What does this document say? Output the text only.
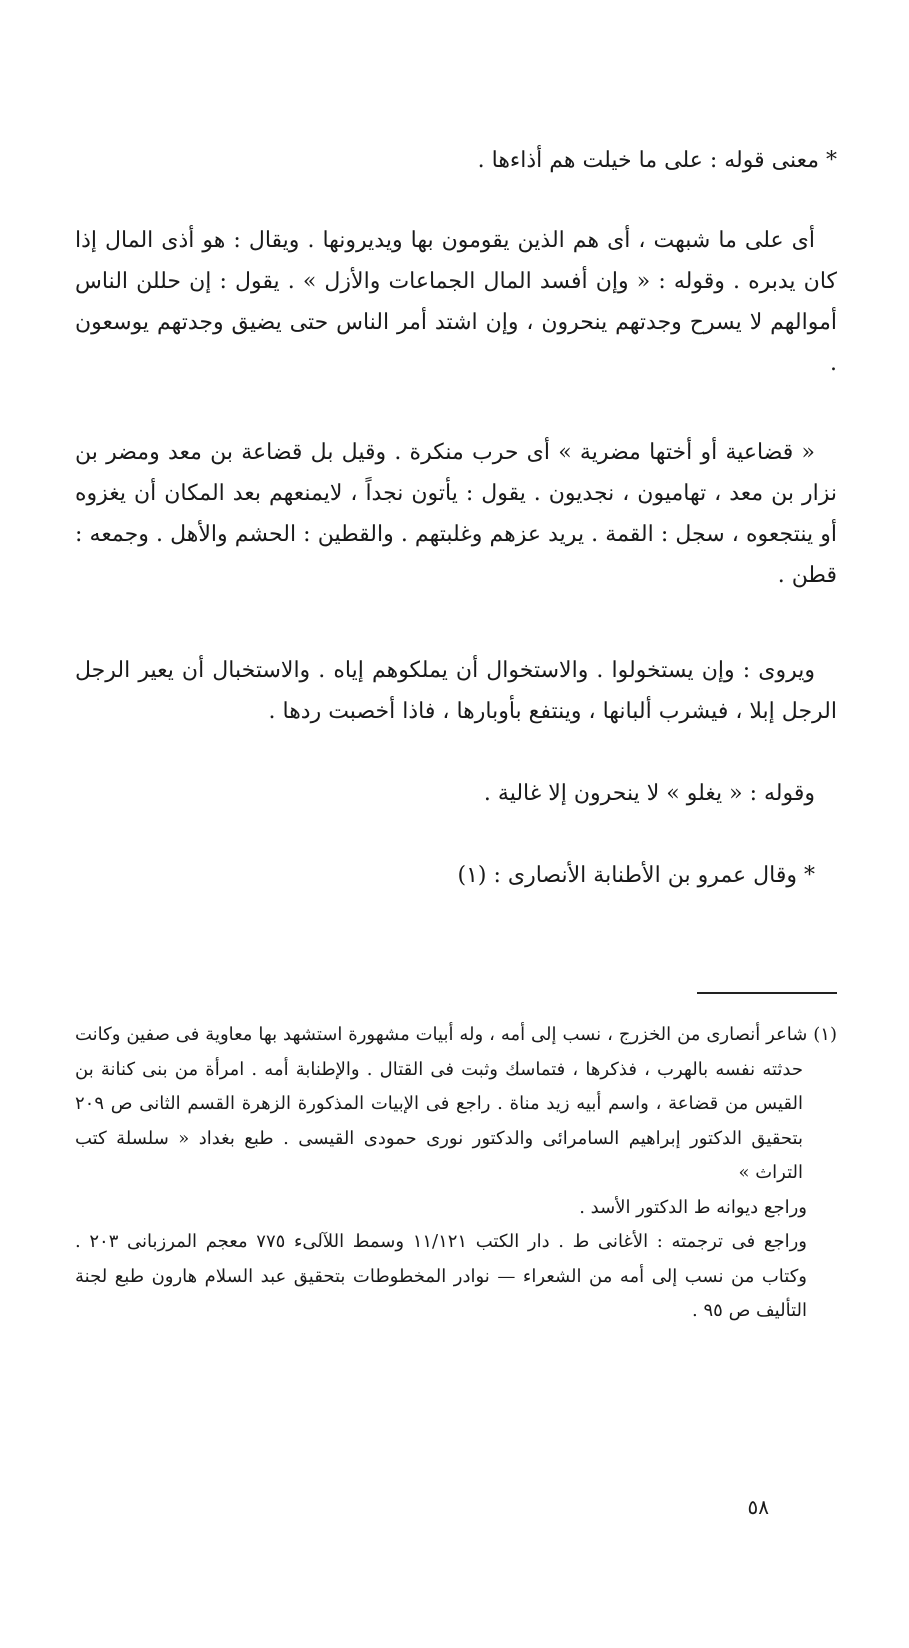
* معنى قوله : على ما خيلت هم أذاءها .

أى على ما شبهت ، أى هم الذين يقومون بها ويديرونها . ويقال : هو أذى المال إذا كان يدبره . وقوله : « وإن أفسد المال الجماعات والأزل » . يقول : إن حللن الناس أموالهم لا يسرح وجدتهم ينحرون ، وإن اشتد أمر الناس حتى يضيق وجدتهم يوسعون .

« قضاعية أو أختها مضرية » أى حرب منكرة . وقيل بل قضاعة بن معد ومضر بن نزار بن معد ، تهاميون ، نجديون . يقول : يأتون نجداً ، لايمنعهم بعد المكان أن يغزوه أو ينتجعوه ، سجل : القمة . يريد عزهم وغلبتهم . والقطين : الحشم والأهل . وجمعه : قطن .

ويروى : وإن يستخولوا . والاستخوال أن يملكوهم إياه . والاستخبال أن يعير الرجل الرجل إبلا ، فيشرب ألبانها ، وينتفع بأوبارها ، فاذا أخصبت ردها .

وقوله : « يغلو » لا ينحرون إلا غالية .

* وقال عمرو بن الأطنابة الأنصارى : (١)

(١) شاعر أنصارى من الخزرج ، نسب إلى أمه ، وله أبيات مشهورة استشهد بها معاوية فى صفين وكانت حدثته نفسه بالهرب ، فذكرها ، فتماسك وثبت فى القتال . والإطنابة أمه . امرأة من بنى كنانة بن القيس من قضاعة ، واسم أبيه زيد مناة . راجع فى الإبيات المذكورة الزهرة القسم الثانى ص ٢٠٩ بتحقيق الدكتور إبراهيم السامرائى والدكتور نورى حمودى القيسى . طبع بغداد « سلسلة كتب التراث »

وراجع ديوانه ط الدكتور الأسد .

وراجع فى ترجمته : الأغانى ط . دار الكتب ١١/١٢١ وسمط اللآلىء ٧٧٥ معجم المرزبانى ٢٠٣ . وكتاب من نسب إلى أمه من الشعراء — نوادر المخطوطات بتحقيق عبد السلام هارون طبع لجنة التأليف ص ٩٥ .

٥٨
